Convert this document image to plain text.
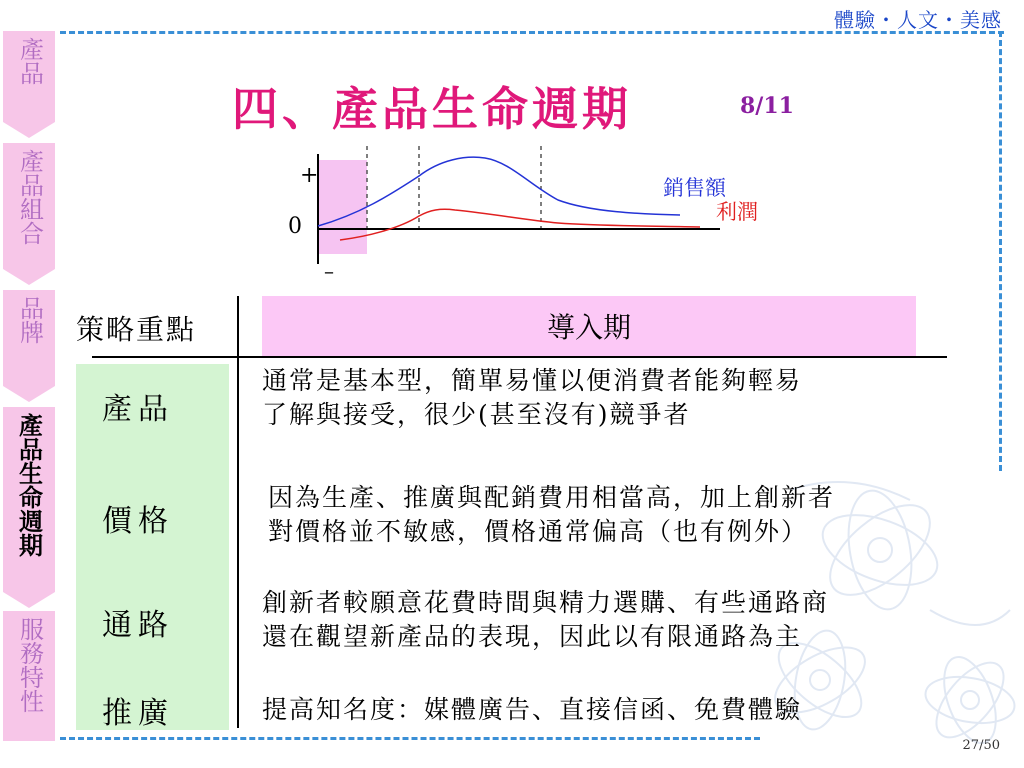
體驗・人文・美感
產品
產品組合
品牌
產品生命週期
服務特性
四、產品生命週期	8/11
+
0
–
銷售額
利潤
導入期
策略重點
產品
通常是基本型，簡單易懂以便消費者能夠輕易
了解與接受，很少(甚至沒有)競爭者
價格
因為生產、推廣與配銷費用相當高，加上創新者
對價格並不敏感，價格通常偏高（也有例外）
通路
創新者較願意花費時間與精力選購、有些通路商
還在觀望新產品的表現，因此以有限通路為主
推廣	提高知名度：媒體廣告、直接信函、免費體驗
27/50
